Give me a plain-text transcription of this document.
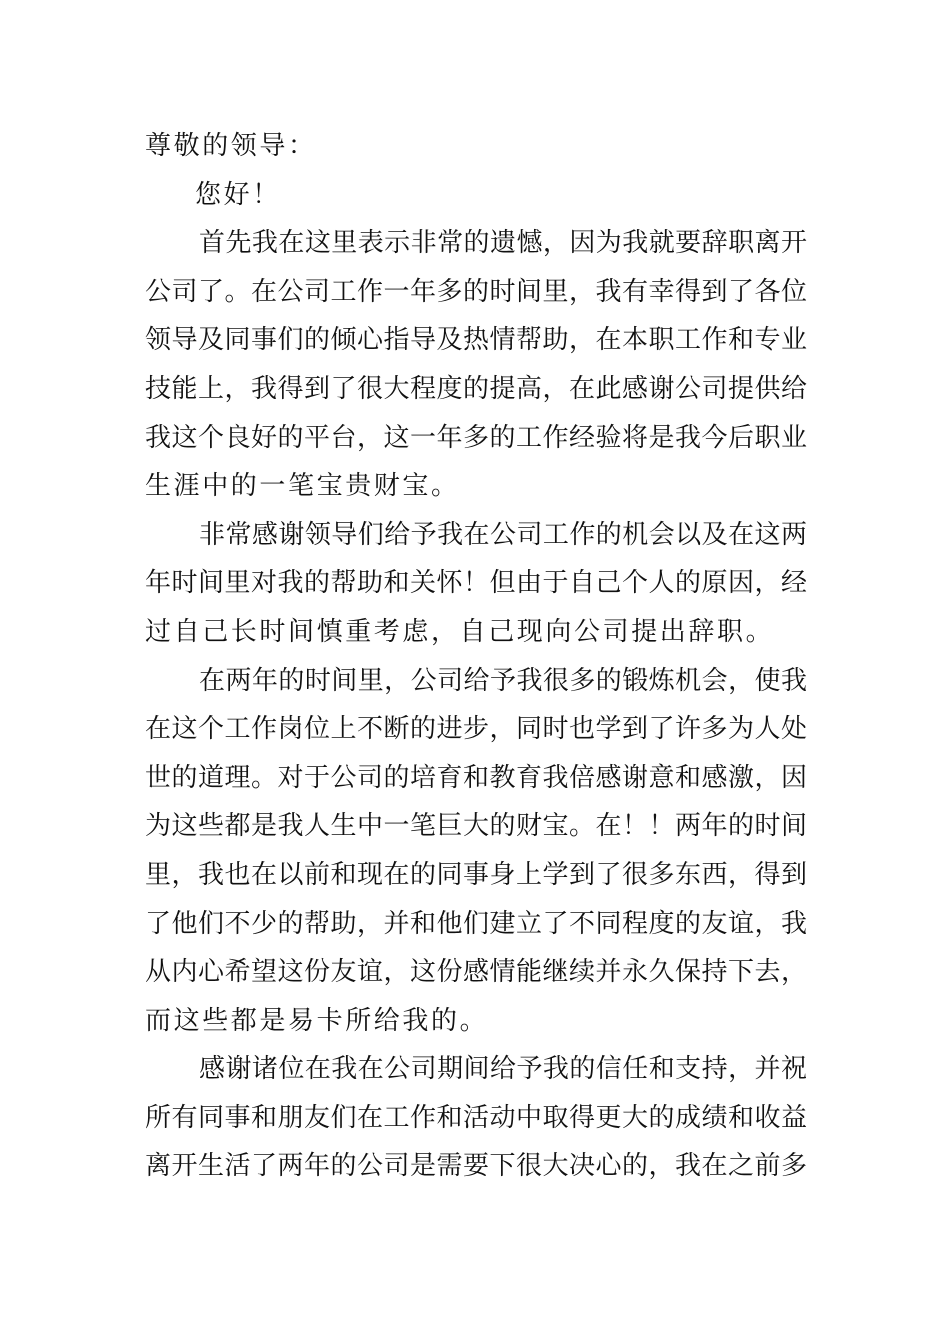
尊敬的领导：
您好！
首先我在这里表示非常的遗憾，因为我就要辞职离开
公司了。在公司工作一年多的时间里，我有幸得到了各位
领导及同事们的倾心指导及热情帮助，在本职工作和专业
技能上，我得到了很大程度的提高，在此感谢公司提供给
我这个良好的平台，这一年多的工作经验将是我今后职业
生涯中的一笔宝贵财宝。
非常感谢领导们给予我在公司工作的机会以及在这两
年时间里对我的帮助和关怀！但由于自己个人的原因，经
过自己长时间慎重考虑，自己现向公司提出辞职。
在两年的时间里，公司给予我很多的锻炼机会，使我
在这个工作岗位上不断的进步，同时也学到了许多为人处
世的道理。对于公司的培育和教育我倍感谢意和感激，因
为这些都是我人生中一笔巨大的财宝。在！！两年的时间
里，我也在以前和现在的同事身上学到了很多东西，得到
了他们不少的帮助，并和他们建立了不同程度的友谊，我
从内心希望这份友谊，这份感情能继续并永久保持下去，
而这些都是易卡所给我的。
感谢诸位在我在公司期间给予我的信任和支持，并祝
所有同事和朋友们在工作和活动中取得更大的成绩和收益
离开生活了两年的公司是需要下很大决心的，我在之前多
